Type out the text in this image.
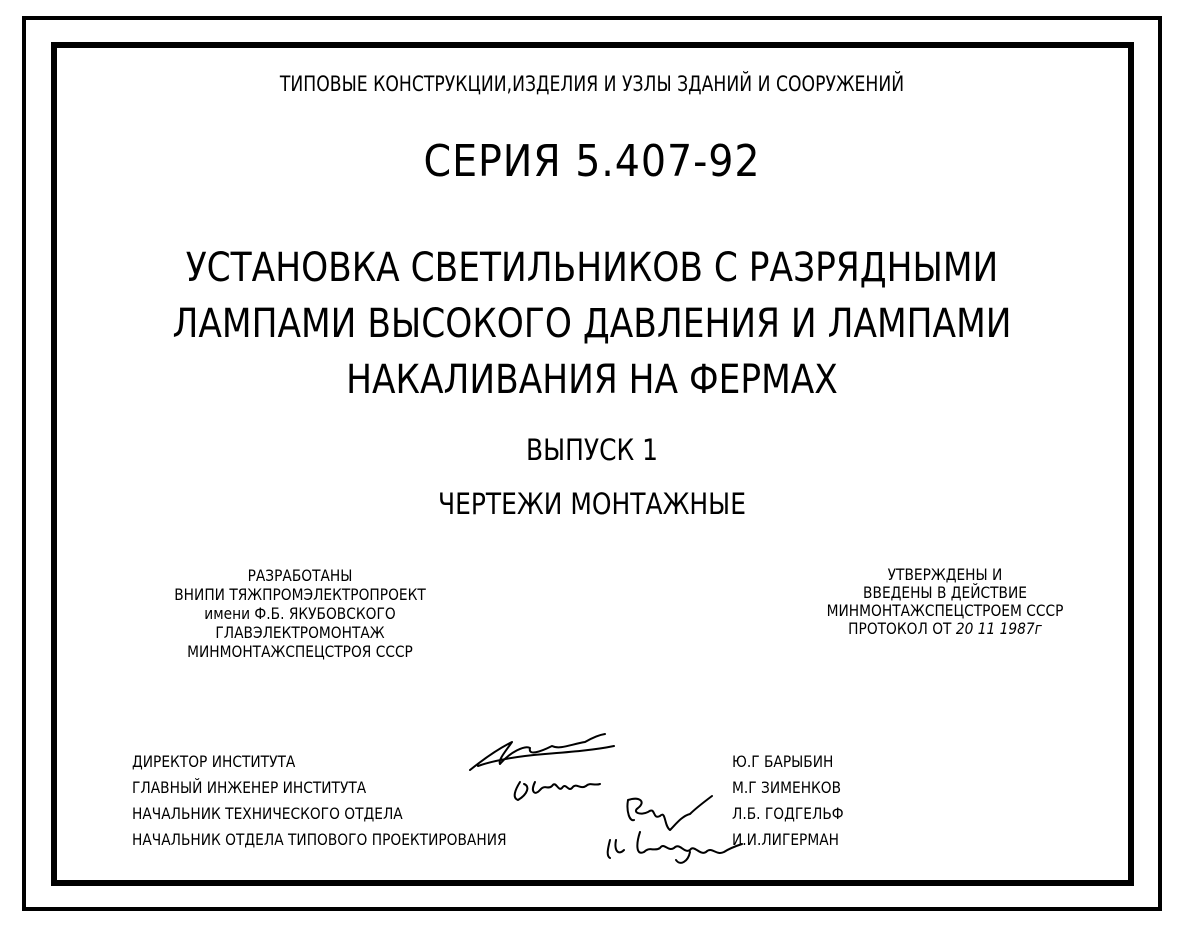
ТИПОВЫЕ КОНСТРУКЦИИ,ИЗДЕЛИЯ И УЗЛЫ ЗДАНИЙ И СООРУЖЕНИЙ
СЕРИЯ 5.407-92
УСТАНОВКА СВЕТИЛЬНИКОВ С РАЗРЯДНЫМИ
ЛАМПАМИ ВЫСОКОГО ДАВЛЕНИЯ И ЛАМПАМИ
НАКАЛИВАНИЯ НА ФЕРМАХ
ВЫПУСК 1
ЧЕРТЕЖИ МОНТАЖНЫЕ
РАЗРАБОТАНЫ
ВНИПИ ТЯЖПРОМЭЛЕКТРОПРОЕКТ
имени Ф.Б. ЯКУБОВСКОГО
ГЛАВЭЛЕКТРОМОНТАЖ
МИНМОНТАЖСПЕЦСТРОЯ СССР
УТВЕРЖДЕНЫ И
ВВЕДЕНЫ В ДЕЙСТВИЕ
МИНМОНТАЖСПЕЦСТРОЕМ СССР
ПРОТОКОЛ ОТ 20 11 1987г
ДИРЕКТОР ИНСТИТУТА
ГЛАВНЫЙ ИНЖЕНЕР ИНСТИТУТА
НАЧАЛЬНИК ТЕХНИЧЕСКОГО ОТДЕЛА
НАЧАЛЬНИК ОТДЕЛА ТИПОВОГО ПРОЕКТИРОВАНИЯ
Ю.Г БАРЫБИН
М.Г ЗИМЕНКОВ
Л.Б. ГОДГЕЛЬФ
И.И.ЛИГЕРМАН
